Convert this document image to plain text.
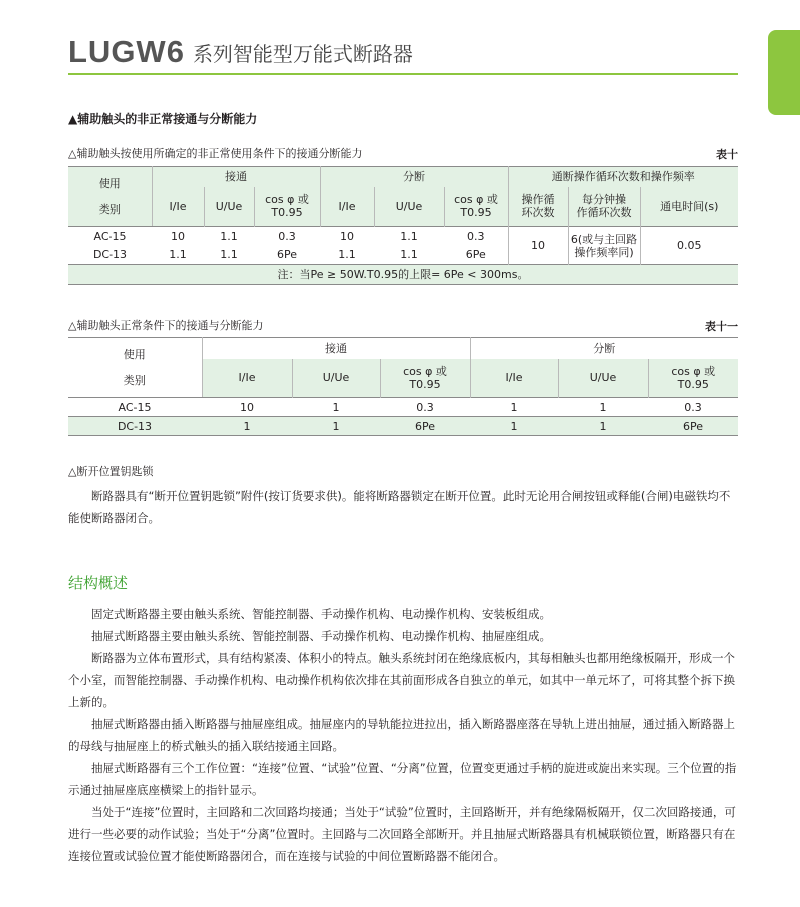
LUGW6 系列智能型万能式断路器
▲辅助触头的非正常接通与分断能力
△辅助触头按使用所确定的非正常使用条件下的接通分断能力	表十
使用

类别	接通			分断			通断操作循环次数和操作频率		
	I/Ie	U/Ue	cos φ 或
T0.95	I/Ie	U/Ue	cos φ 或
T0.95	操作循
环次数	每分钟操
作循环次数	通电时间(s)
AC-15	10	1.1	0.3	10	1.1	0.3	10	6(或与主回路
操作频率同)	0.05
DC-13	1.1	1.1	6Pe	1.1	1.1	6Pe			
注：当Pe ≥ 50W.T0.95的上限= 6Pe < 300ms。									
△辅助触头正常条件下的接通与分断能力	表十一
使用

类别	接通			分断		
	I/Ie	U/Ue	cos φ 或
T0.95	I/Ie	U/Ue	cos φ 或
T0.95
AC-15	10	1	0.3	1	1	0.3
DC-13	1	1	6Pe	1	1	6Pe
△断开位置钥匙锁

断路器具有“断开位置钥匙锁”附件(按订货要求供)。能将断路器锁定在断开位置。此时无论用合闸按钮或释能(合闸)电磁铁均不能使断路器闭合。

结构概述

固定式断路器主要由触头系统、智能控制器、手动操作机构、电动操作机构、安装板组成。

抽屉式断路器主要由触头系统、智能控制器、手动操作机构、电动操作机构、抽屉座组成。

断路器为立体布置形式，具有结构紧凑、体积小的特点。触头系统封闭在绝缘底板内，其每相触头也都用绝缘板隔开，形成一个个小室，而智能控制器、手动操作机构、电动操作机构依次排在其前面形成各自独立的单元，如其中一单元坏了，可将其整个拆下换上新的。

抽屉式断路器由插入断路器与抽屉座组成。抽屉座内的导轨能拉进拉出，插入断路器座落在导轨上进出抽屉，通过插入断路器上的母线与抽屉座上的桥式触头的插入联结接通主回路。

抽屉式断路器有三个工作位置：“连接”位置、“试验”位置、“分离”位置，位置变更通过手柄的旋进或旋出来实现。三个位置的指示通过抽屉座底座横梁上的指针显示。

当处于“连接”位置时，主回路和二次回路均接通；当处于“试验”位置时，主回路断开，并有绝缘隔板隔开，仅二次回路接通，可进行一些必要的动作试验；当处于“分离”位置时。主回路与二次回路全部断开。并且抽屉式断路器具有机械联锁位置，断路器只有在连接位置或试验位置才能使断路器闭合，而在连接与试验的中间位置断路器不能闭合。
